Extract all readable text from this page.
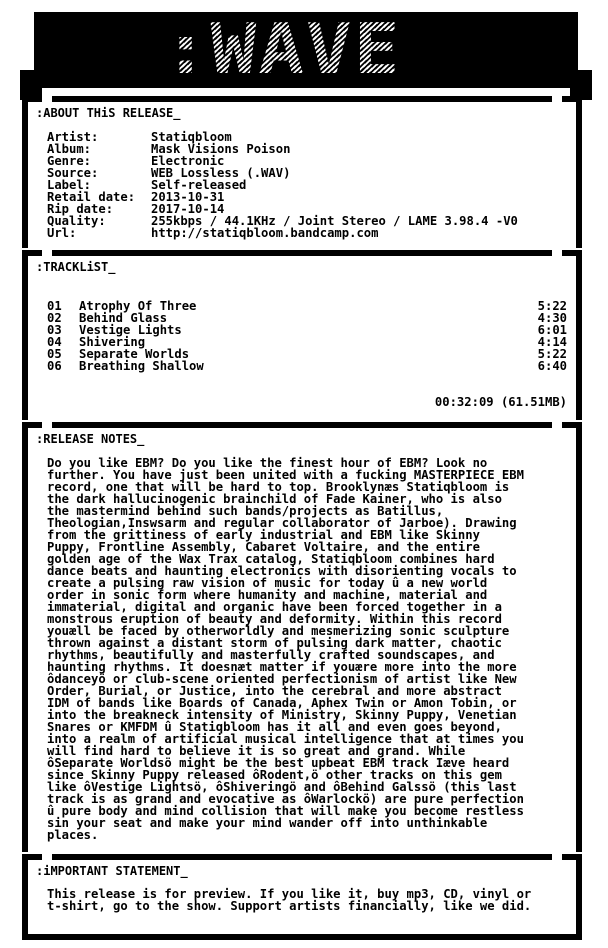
:WAVE_
:ABOUT THiS RELEASE_
Artist:	Statiqbloom
Album:	Mask Visions Poison
Genre:	Electronic
Source:	WEB Lossless (.WAV)
Label:	Self-released
Retail date:	2013-10-31
Rip date:	2017-10-14
Quality:	255kbps / 44.1KHz / Joint Stereo / LAME 3.98.4 -V0
Url:	http://statiqbloom.bandcamp.com
:TRACKLiST_
01	Atrophy Of Three	5:22
02	Behind Glass	4:30
03	Vestige Lights	6:01
04	Shivering	4:14
05	Separate Worlds	5:22
06	Breathing Shallow	6:40
00:32:09 (61.51MB)
:RELEASE NOTES_
Do you like EBM? Do you like the finest hour of EBM? Look no
further. You have just been united with a fucking MASTERPIECE EBM
record, one that will be hard to top. Brooklynæs Statiqbloom is
the dark hallucinogenic brainchild of Fade Kainer, who is also
the mastermind behind such bands/projects as Batillus,
Theologian,Inswsarm and regular collaborator of Jarboe). Drawing
from the grittiness of early industrial and EBM like Skinny
Puppy, Frontline Assembly, Cabaret Voltaire, and the entire
golden age of the Wax Trax catalog, Statiqbloom combines hard
dance beats and haunting electronics with disorienting vocals to
create a pulsing raw vision of music for today û a new world
order in sonic form where humanity and machine, material and
immaterial, digital and organic have been forced together in a
monstrous eruption of beauty and deformity. Within this record
youæll be faced by otherworldly and mesmerizing sonic sculpture
thrown against a distant storm of pulsing dark matter, chaotic
rhythms, beautifully and masterfully crafted soundscapes, and
haunting rhythms. It doesnæt matter if youære more into the more
ôdanceyö or club-scene oriented perfectionism of artist like New
Order, Burial, or Justice, into the cerebral and more abstract
IDM of bands like Boards of Canada, Aphex Twin or Amon Tobin, or
into the breakneck intensity of Ministry, Skinny Puppy, Venetian
Snares or KMFDM û Statiqbloom has it all and even goes beyond,
into a realm of artificial musical intelligence that at times you
will find hard to believe it is so great and grand. While
ôSeparate Worldsö might be the best upbeat EBM track Iæve heard
since Skinny Puppy released ôRodent,ö other tracks on this gem
like ôVestige Lightsö, ôShiveringö and ôBehind Galssö (this last
track is as grand and evocative as ôWarlockö) are pure perfection
û pure body and mind collision that will make you become restless
sin your seat and make your mind wander off into unthinkable
places.
:iMPORTANT STATEMENT_
This release is for preview. If you like it, buy mp3, CD, vinyl or
t-shirt, go to the show. Support artists financially, like we did.
